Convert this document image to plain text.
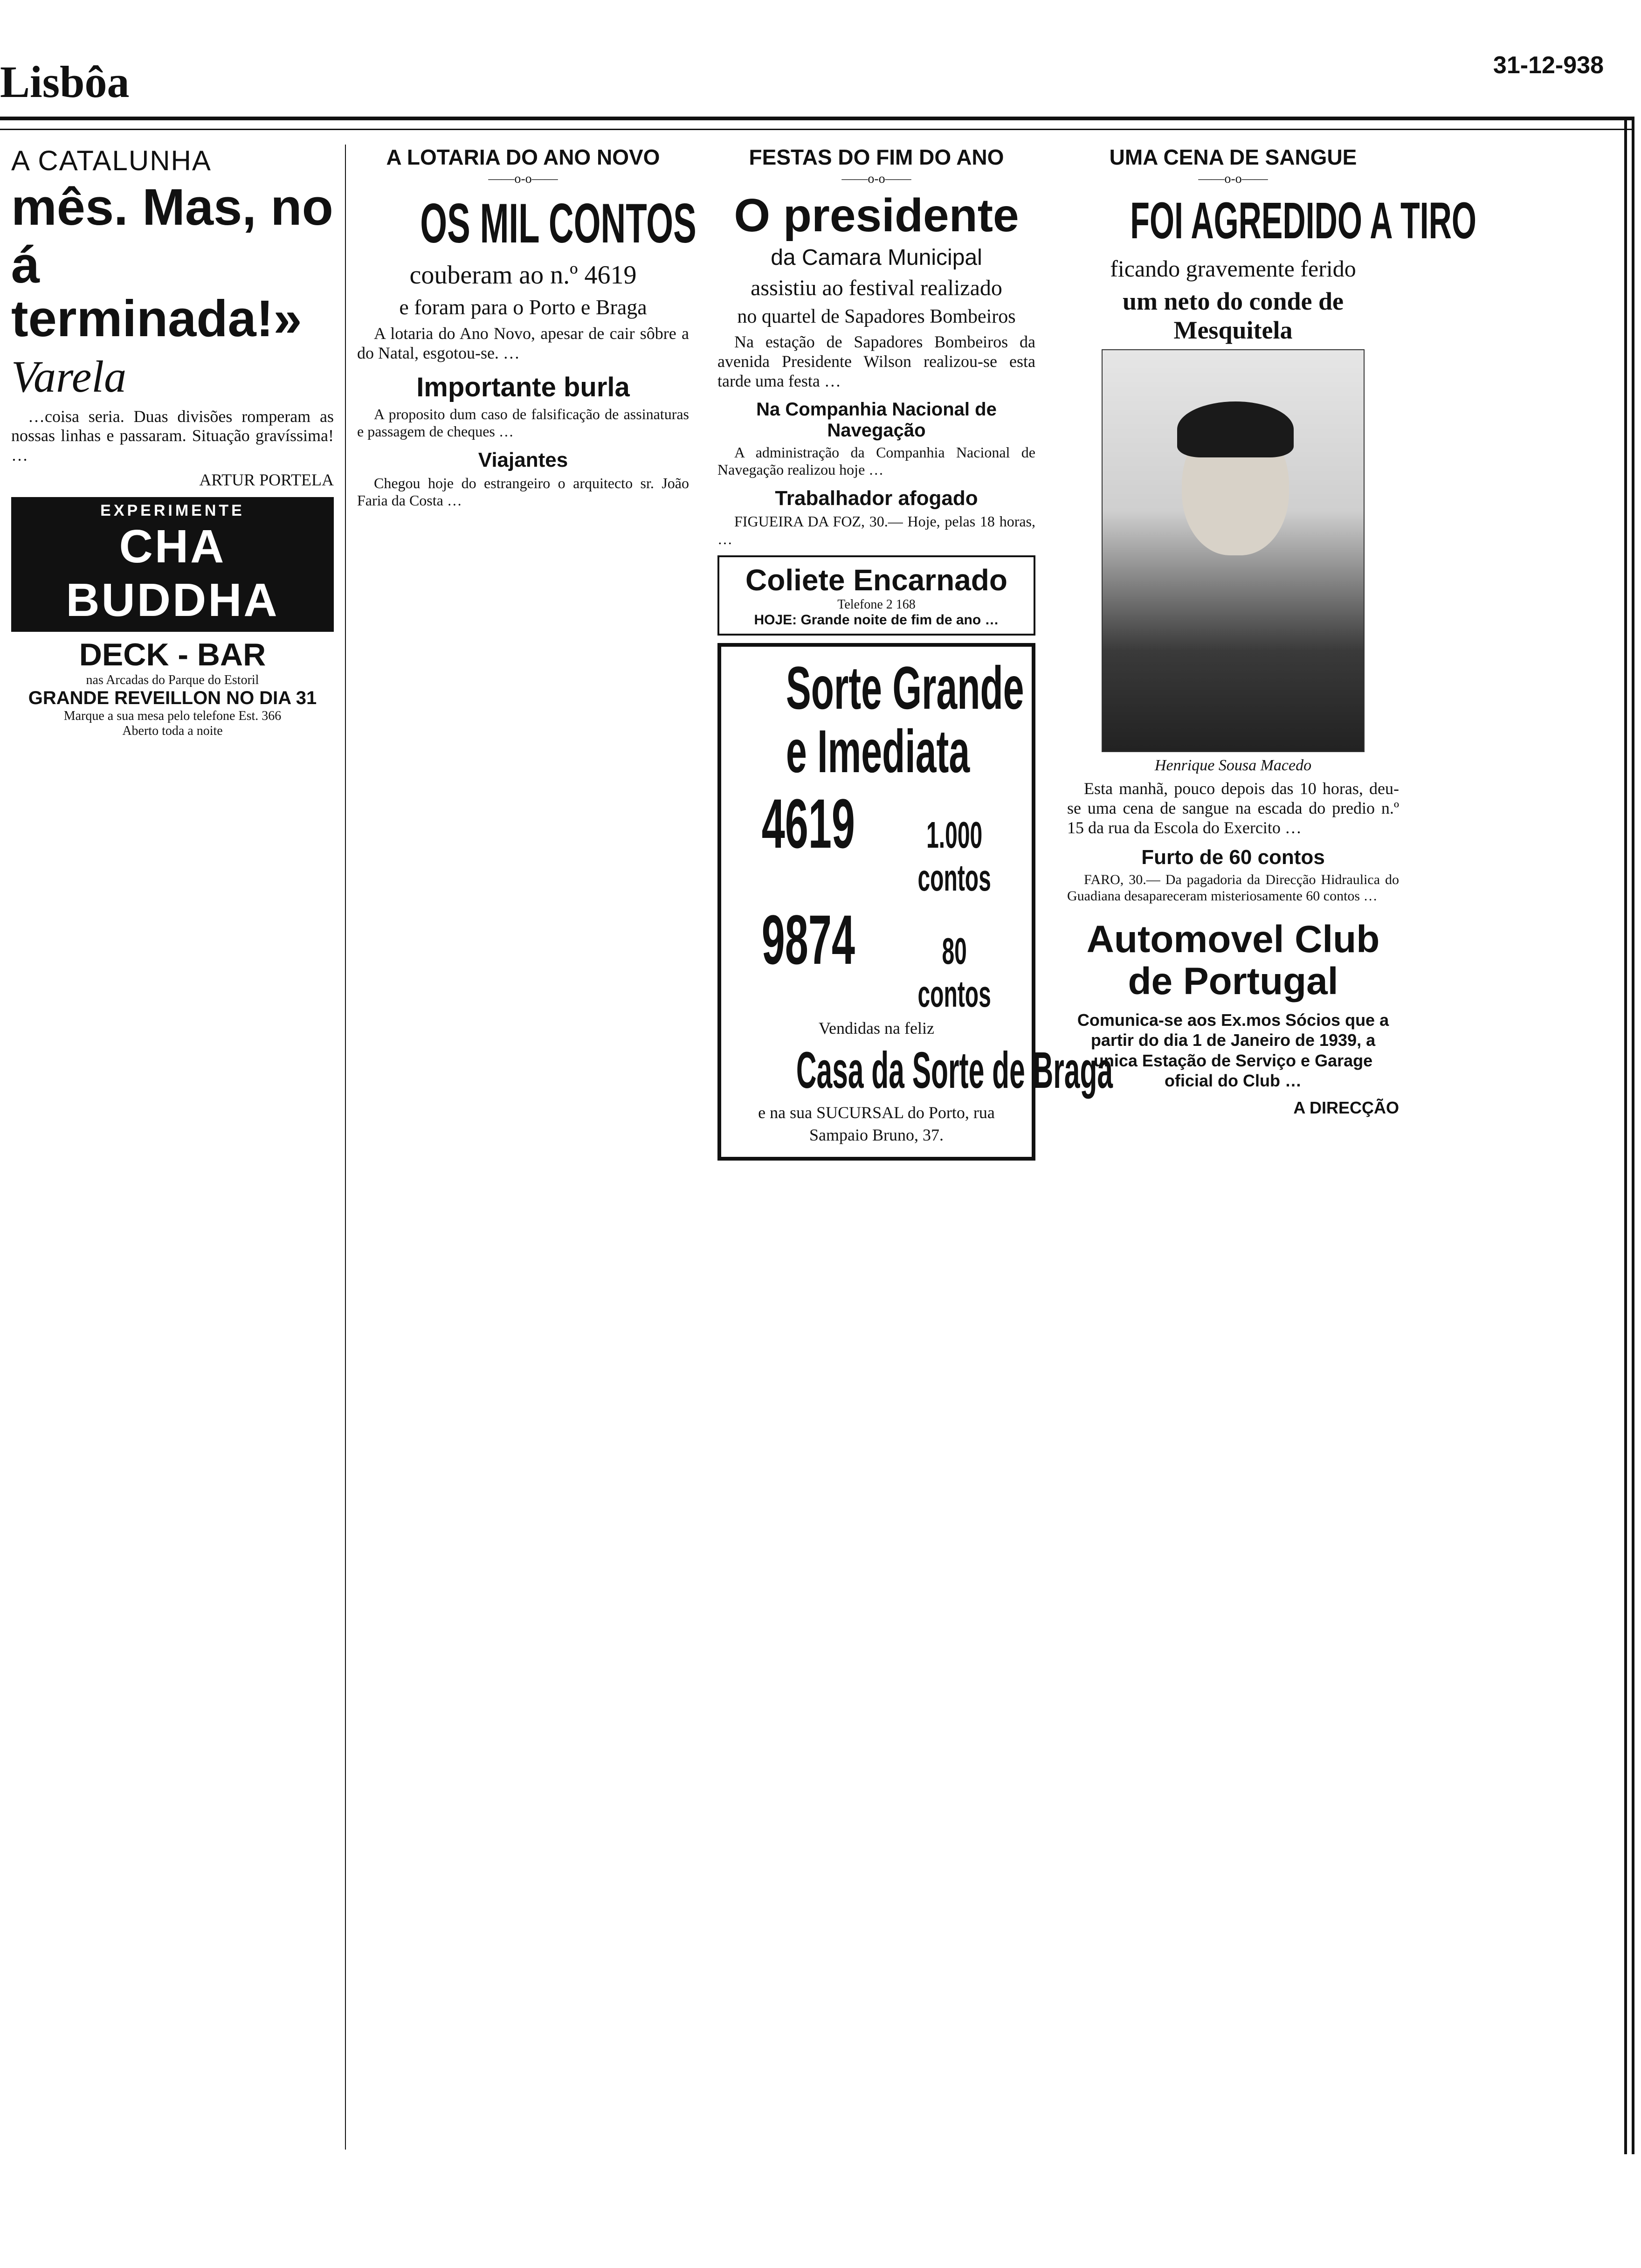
Lisbôa	31-12-938

A CATALUNHA

mês. Mas, no
á terminada!»
Varela

…coisa seria. Duas divisões romperam as nossas linhas e passaram. Situação gravíssima! …

ARTUR PORTELA
EXPERIMENTE
CHA BUDDHA
DECK - BAR
nas Arcadas do Parque do Estoril
GRANDE REVEILLON NO DIA 31
Marque a sua mesa pelo telefone Est. 366
Aberto toda a noite

A LOTARIA DO ANO NOVO

——o-o——
OS MIL CONTOS
couberam ao n.º 4619
e foram para o Porto e Braga

A lotaria do Ano Novo, apesar de cair sôbre a do Natal, esgotou-se. …

Importante burla

A proposito dum caso de falsificação de assinaturas e passagem de cheques …

Viajantes

Chegou hoje do estrangeiro o arquitecto sr. João Faria da Costa …

FESTAS DO FIM DO ANO

——o-o——
O presidente
da Camara Municipal
assistiu ao festival realizado
no quartel de Sapadores Bombeiros

Na estação de Sapadores Bombeiros da avenida Presidente Wilson realizou-se esta tarde uma festa …

Na Companhia Nacional de Navegação

A administração da Companhia Nacional de Navegação realizou hoje …

Trabalhador afogado

FIGUEIRA DA FOZ, 30.— Hoje, pelas 18 horas, …

Coliete Encarnado
Telefone 2 168
HOJE: Grande noite de fim de ano …
Sorte Grande
e Imediata
4619	1.000 contos
9874	80 contos
Vendidas na feliz
Casa da Sorte de Braga
e na sua SUCURSAL do Porto, rua
Sampaio Bruno, 37.

UMA CENA DE SANGUE

——o-o——
FOI AGREDIDO A TIRO
ficando gravemente ferido
um neto do conde de Mesquitela
Henrique Sousa Macedo

Esta manhã, pouco depois das 10 horas, deu-se uma cena de sangue na escada do predio n.º 15 da rua da Escola do Exercito …

Furto de 60 contos

FARO, 30.— Da pagadoria da Direcção Hidraulica do Guadiana desapareceram misteriosamente 60 contos …

Automovel Club
de Portugal
Comunica-se aos Ex.mos Sócios que a partir do dia 1 de Janeiro de 1939, a unica Estação de Serviço e Garage oficial do Club …
A DIRECÇÃO
